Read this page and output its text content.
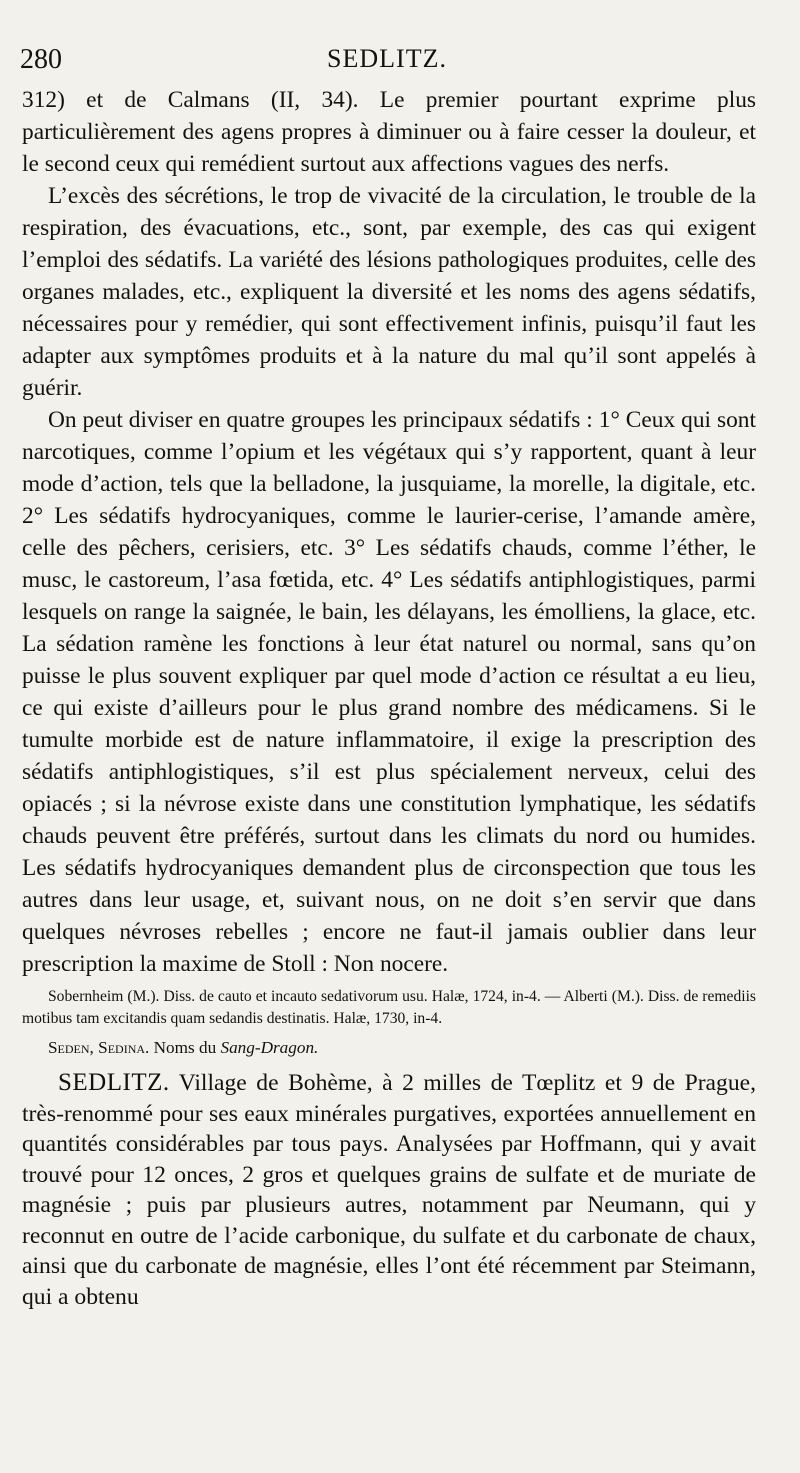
280	SEDLITZ.

312) et de Calmans (II, 34). Le premier pourtant exprime plus particulièrement des agens propres à diminuer ou à faire cesser la douleur, et le second ceux qui remédient surtout aux affections vagues des nerfs.

L’excès des sécrétions, le trop de vivacité de la circulation, le trouble de la respiration, des évacuations, etc., sont, par exemple, des cas qui exigent l’emploi des sédatifs. La variété des lésions pathologiques produites, celle des organes malades, etc., expliquent la diversité et les noms des agens sédatifs, nécessaires pour y remédier, qui sont effectivement infinis, puisqu’il faut les adapter aux symptômes produits et à la nature du mal qu’il sont appelés à guérir.

On peut diviser en quatre groupes les principaux sédatifs : 1° Ceux qui sont narcotiques, comme l’opium et les végétaux qui s’y rapportent, quant à leur mode d’action, tels que la belladone, la jusquiame, la morelle, la digitale, etc. 2° Les sédatifs hydrocyaniques, comme le laurier-cerise, l’amande amère, celle des pêchers, cerisiers, etc. 3° Les sédatifs chauds, comme l’éther, le musc, le castoreum, l’asa fœtida, etc. 4° Les sédatifs antiphlogistiques, parmi lesquels on range la saignée, le bain, les délayans, les émolliens, la glace, etc. La sédation ramène les fonctions à leur état naturel ou normal, sans qu’on puisse le plus souvent expliquer par quel mode d’action ce résultat a eu lieu, ce qui existe d’ailleurs pour le plus grand nombre des médicamens. Si le tumulte morbide est de nature inflammatoire, il exige la prescription des sédatifs antiphlogistiques, s’il est plus spécialement nerveux, celui des opiacés ; si la névrose existe dans une constitution lymphatique, les sédatifs chauds peuvent être préférés, surtout dans les climats du nord ou humides. Les sédatifs hydrocyaniques demandent plus de circonspection que tous les autres dans leur usage, et, suivant nous, on ne doit s’en servir que dans quelques névroses rebelles ; encore ne faut-il jamais oublier dans leur prescription la maxime de Stoll : Non nocere.

Sobernheim (M.). Diss. de cauto et incauto sedativorum usu. Halæ, 1724, in-4. — Alberti (M.). Diss. de remediis motibus tam excitandis quam sedandis destinatis. Halæ, 1730, in-4.

Seden, Sedina. Noms du Sang-Dragon.

SEDLITZ. Village de Bohème, à 2 milles de Tœplitz et 9 de Prague, très-renommé pour ses eaux minérales purgatives, exportées annuellement en quantités considérables par tous pays. Analysées par Hoffmann, qui y avait trouvé pour 12 onces, 2 gros et quelques grains de sulfate et de muriate de magnésie ; puis par plusieurs autres, notamment par Neumann, qui y reconnut en outre de l’acide carbonique, du sulfate et du carbonate de chaux, ainsi que du carbonate de magnésie, elles l’ont été récemment par Steimann, qui a obtenu
